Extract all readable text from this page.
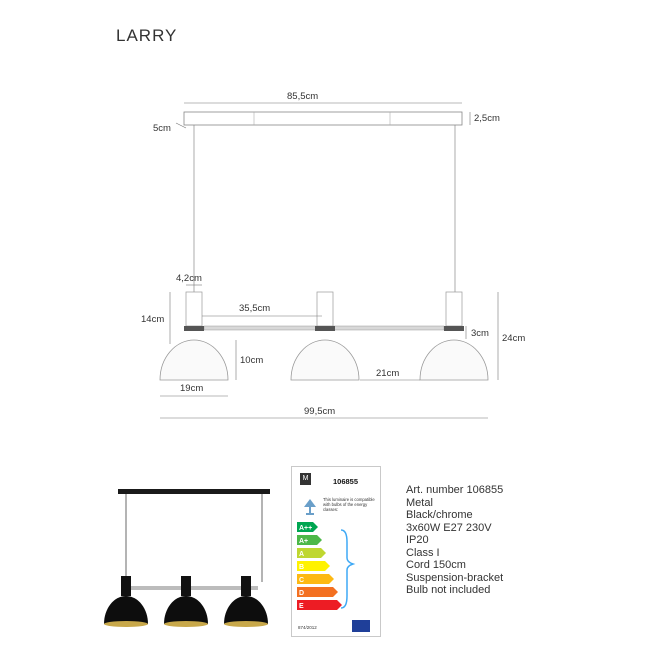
LARRY
85,5cm
2,5cm
5cm
4,2cm
35,5cm
14cm
3cm 24cm
10cm
21cm
19cm
99,5cm
M	106855
This luminaire is compatible with bulbs of the energy classes:
A++
A+
A
B
C
D
E
874/2012
Art. number 106855
Metal
Black/chrome
3x60W E27 230V
IP20
Class I
Cord 150cm
Suspension-bracket
Bulb not included
